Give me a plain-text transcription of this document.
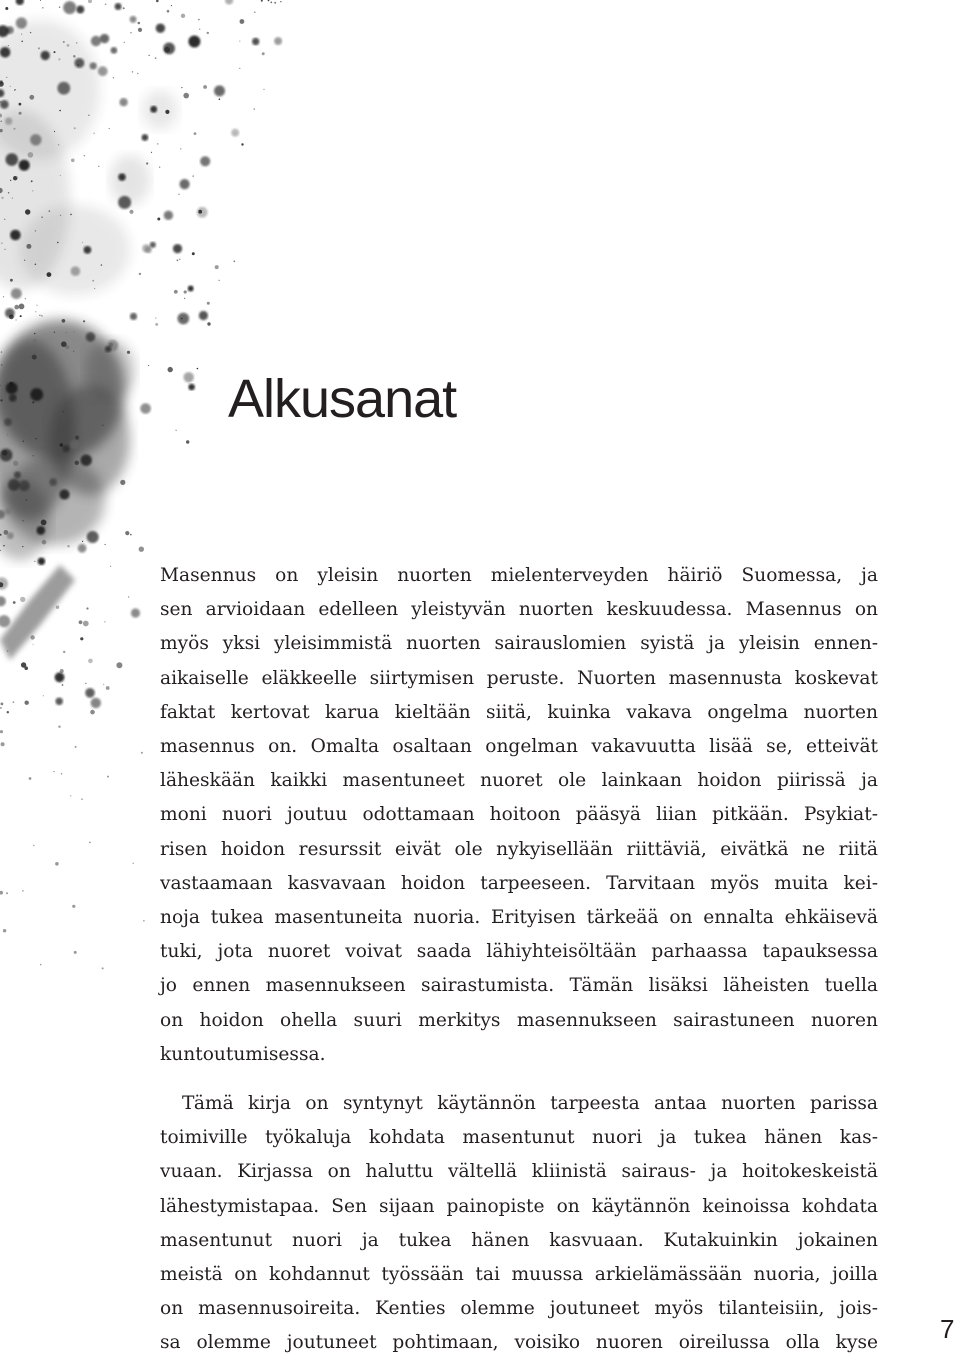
Alkusanat

Masennus on yleisin nuorten mielenterveyden häiriö Suomessa, ja
sen arvioidaan edelleen yleistyvän nuorten keskuudessa. Masennus on
myös yksi yleisimmistä nuorten sairauslomien syistä ja yleisin ennen-
aikaiselle eläkkeelle siirtymisen peruste. Nuorten masennusta koskevat
faktat kertovat karua kieltään siitä, kuinka vakava ongelma nuorten
masennus on. Omalta osaltaan ongelman vakavuutta lisää se, etteivät
läheskään kaikki masentuneet nuoret ole lainkaan hoidon piirissä ja
moni nuori joutuu odottamaan hoitoon pääsyä liian pitkään. Psykiat-
risen hoidon resurssit eivät ole nykyisellään riittäviä, eivätkä ne riitä
vastaamaan kasvavaan hoidon tarpeeseen. Tarvitaan myös muita kei-
noja tukea masentuneita nuoria. Erityisen tärkeää on ennalta ehkäisevä
tuki, jota nuoret voivat saada lähiyhteisöltään parhaassa tapauksessa
jo ennen masennukseen sairastumista. Tämän lisäksi läheisten tuella
on hoidon ohella suuri merkitys masennukseen sairastuneen nuoren
kuntoutumisessa.

Tämä kirja on syntynyt käytännön tarpeesta antaa nuorten parissa
toimiville työkaluja kohdata masentunut nuori ja tukea hänen kas-
vuaan. Kirjassa on haluttu vältellä kliinistä sairaus- ja hoitokeskeistä
lähestymistapaa. Sen sijaan painopiste on käytännön keinoissa kohdata
masentunut nuori ja tukea hänen kasvuaan. Kutakuinkin jokainen
meistä on kohdannut työssään tai muussa arkielämässään nuoria, joilla
on masennusoireita. Kenties olemme joutuneet myös tilanteisiin, jois-
sa olemme joutuneet pohtimaan, voisiko nuoren oireilussa olla kyse 7
